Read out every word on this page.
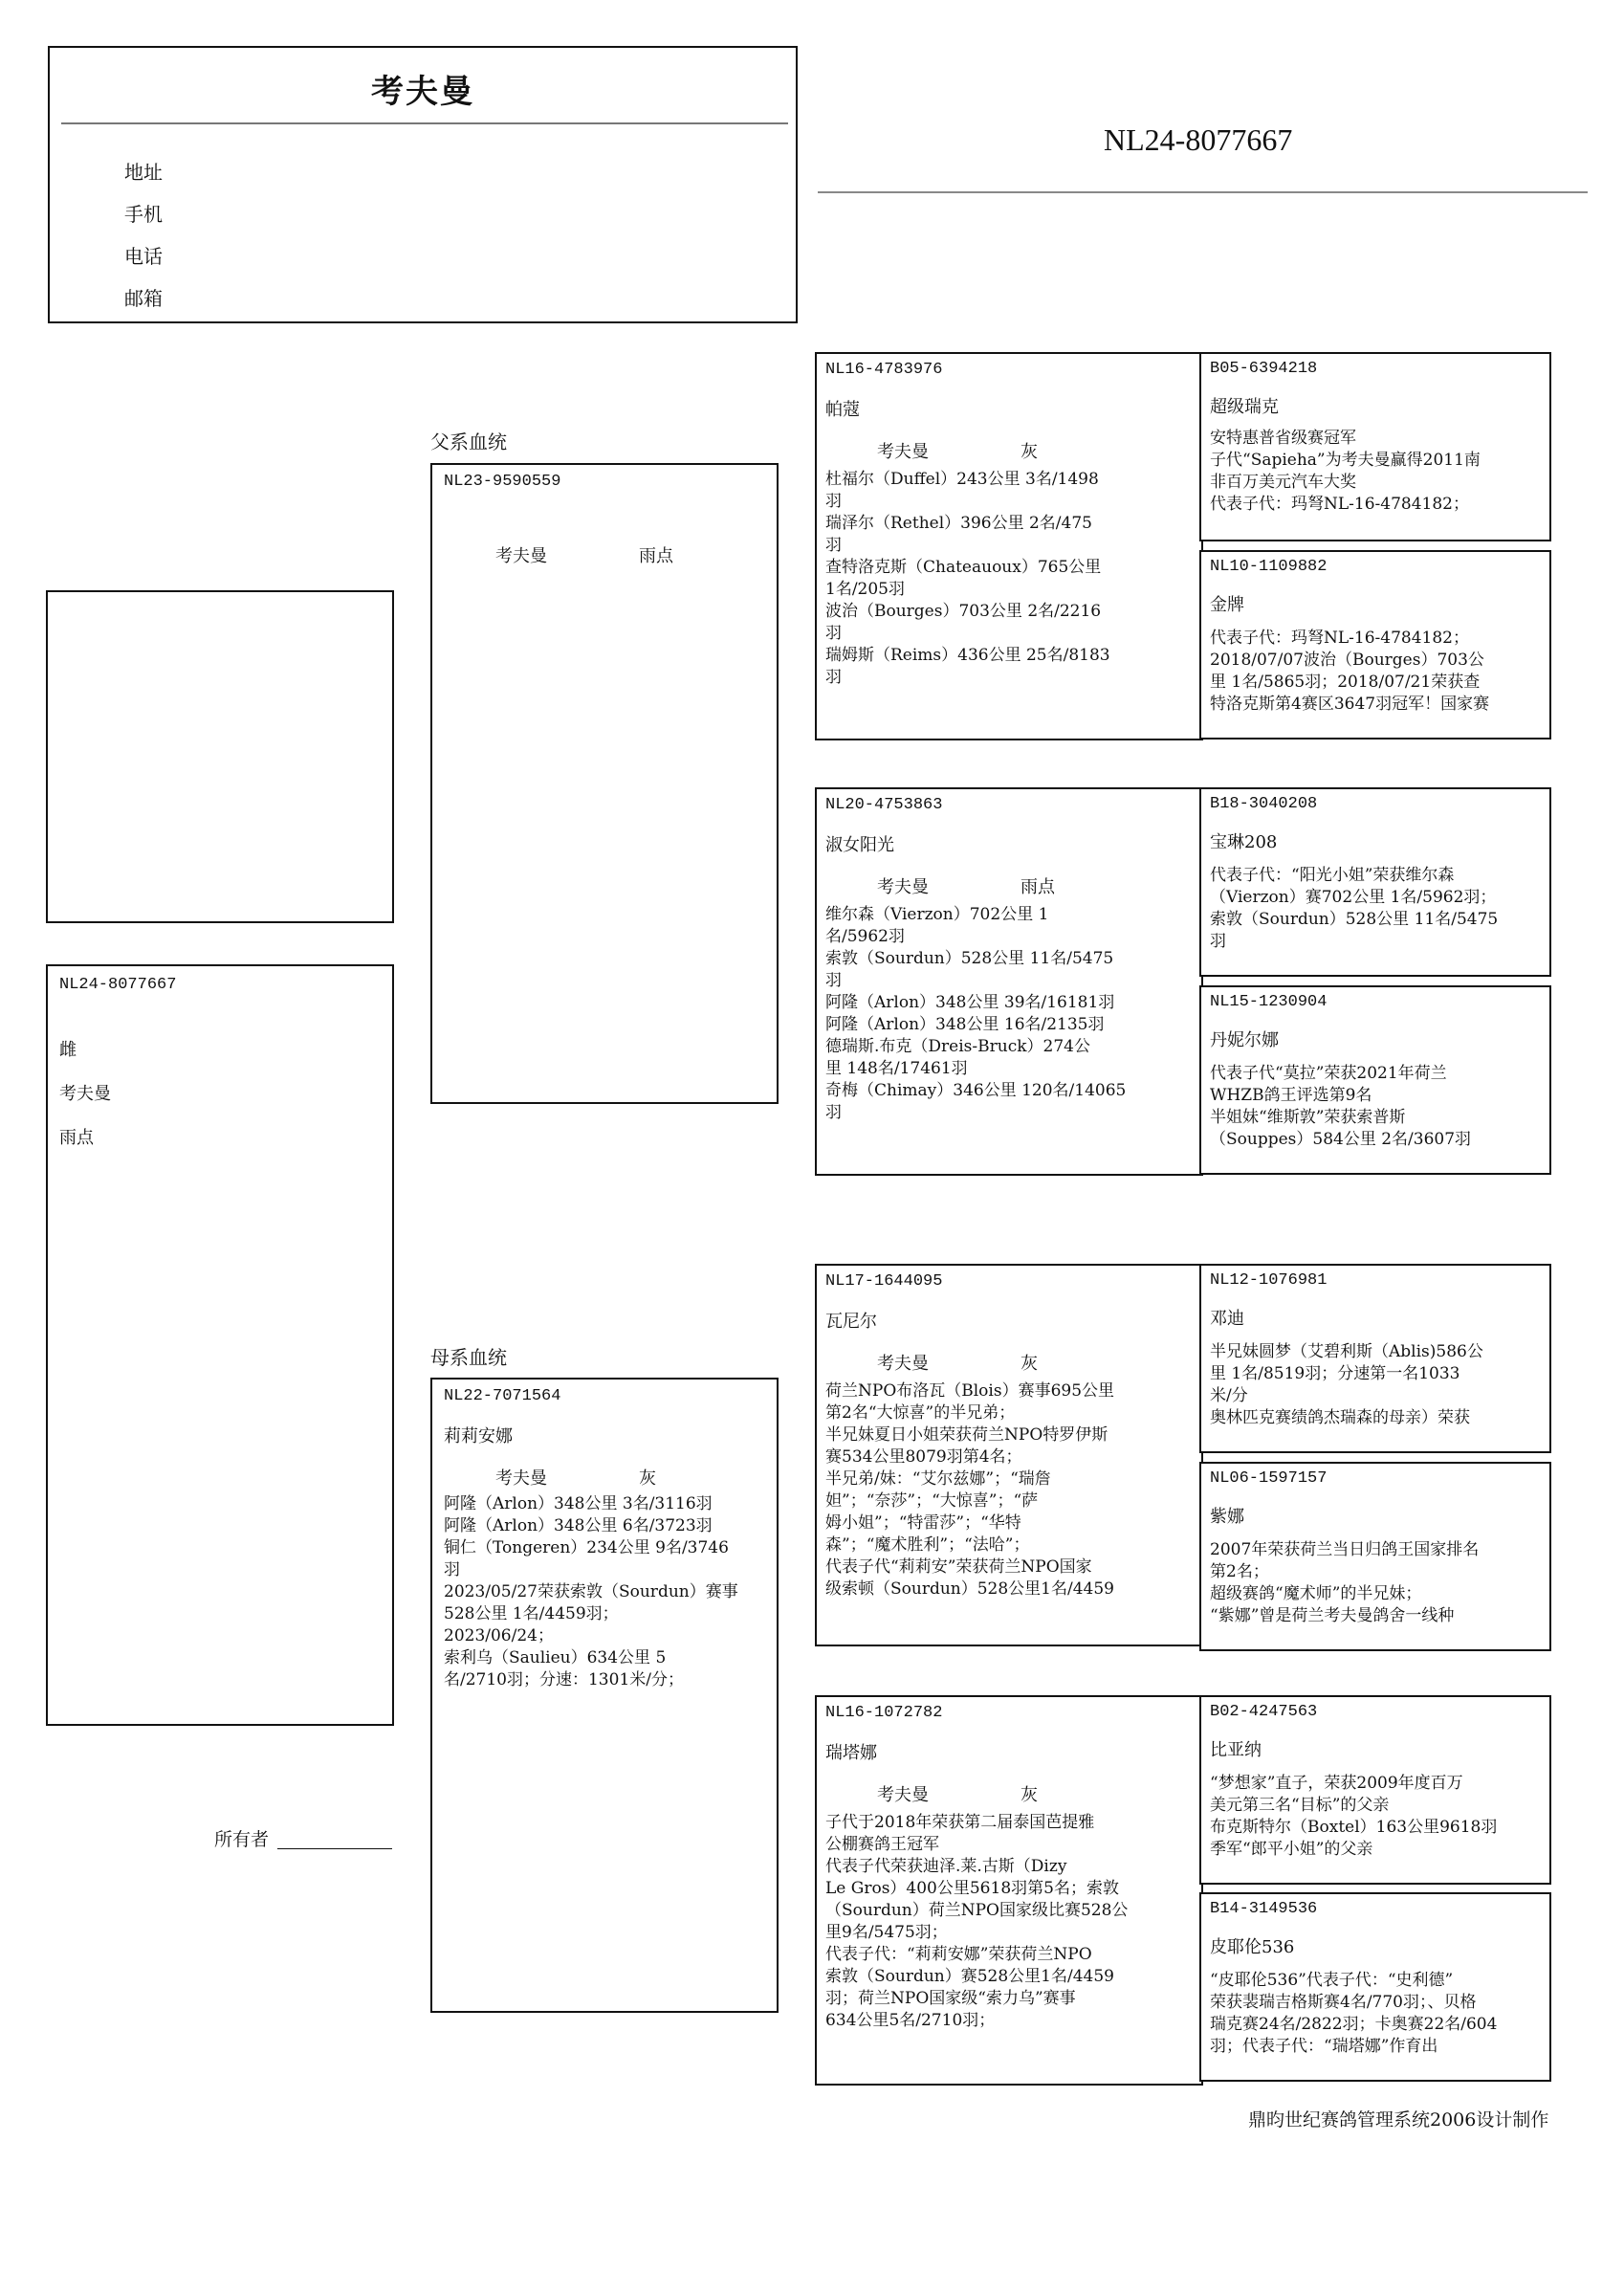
考夫曼
地址
手机
电话
邮箱
NL24-8077667
NL24-8077667
雌
考夫曼
雨点
父系血统
母系血统
NL23-9590559
考夫曼	雨点
NL22-7071564
莉莉安娜
考夫曼	灰
阿隆（Arlon）348公里 3名/3116羽
阿隆（Arlon）348公里 6名/3723羽
铜仁（Tongeren）234公里 9名/3746
羽
2023/05/27荣获索敦（Sourdun）赛事
528公里 1名/4459羽；
2023/06/24；
索利乌（Saulieu）634公里 5
名/2710羽；分速：1301米/分；
NL16-4783976
帕蔻
考夫曼	灰
杜福尔（Duffel）243公里 3名/1498
羽
瑞泽尔（Rethel）396公里 2名/475
羽
查特洛克斯（Chateauoux）765公里
1名/205羽
波治（Bourges）703公里 2名/2216
羽
瑞姆斯（Reims）436公里 25名/8183
羽
NL20-4753863
淑女阳光
考夫曼	雨点
维尔森（Vierzon）702公里 1
名/5962羽
索敦（Sourdun）528公里 11名/5475
羽
阿隆（Arlon）348公里 39名/16181羽
阿隆（Arlon）348公里 16名/2135羽
德瑞斯.布克（Dreis-Bruck）274公
里 148名/17461羽
奇梅（Chimay）346公里 120名/14065
羽
NL17-1644095
瓦尼尔
考夫曼	灰
荷兰NPO布洛瓦（Blois）赛事695公里
第2名“大惊喜”的半兄弟；
半兄妹夏日小姐荣获荷兰NPO特罗伊斯
赛534公里8079羽第4名；
半兄弟/妹：“艾尔兹娜”；“瑞詹
妲”；“奈莎”；“大惊喜”；“萨
姆小姐”；“特雷莎”；“华特
森”；“魔术胜利”；“法哈”；
代表子代“莉莉安”荣获荷兰NPO国家
级索顿（Sourdun）528公里1名/4459
NL16-1072782
瑞塔娜
考夫曼	灰
子代于2018年荣获第二届泰国芭提雅
公棚赛鸽王冠军
代表子代荣获迪泽.莱.古斯（Dizy
Le Gros）400公里5618羽第5名；索敦
（Sourdun）荷兰NPO国家级比赛528公
里9名/5475羽；
代表子代：“莉莉安娜”荣获荷兰NPO
索敦（Sourdun）赛528公里1名/4459
羽；荷兰NPO国家级“索力乌”赛事
634公里5名/2710羽；
B05-6394218
超级瑞克
安特惠普省级赛冠军
子代“Sapieha”为考夫曼赢得2011南
非百万美元汽车大奖
代表子代：玛弩NL-16-4784182；
NL10-1109882
金牌
代表子代：玛弩NL-16-4784182；
2018/07/07波治（Bourges）703公
里 1名/5865羽；2018/07/21荣获查
特洛克斯第4赛区3647羽冠军！国家赛
B18-3040208
宝琳208
代表子代：“阳光小姐”荣获维尔森
（Vierzon）赛702公里 1名/5962羽；
索敦（Sourdun）528公里 11名/5475
羽
NL15-1230904
丹妮尔娜
代表子代“莫拉”荣获2021年荷兰
WHZB鸽王评选第9名
半姐妹“维斯敦”荣获索普斯
（Souppes）584公里 2名/3607羽
NL12-1076981
邓迪
半兄妹圆梦（艾碧利斯（Ablis)586公
里 1名/8519羽；分速第一名1033
米/分
奥林匹克赛绩鸽杰瑞森的母亲）荣获
NL06-1597157
紫娜
2007年荣获荷兰当日归鸽王国家排名
第2名；
超级赛鸽“魔术师”的半兄妹；
“紫娜”曾是荷兰考夫曼鸽舍一线种
B02-4247563
比亚纳
“梦想家”直子，荣获2009年度百万
美元第三名“目标”的父亲
布克斯特尔（Boxtel）163公里9618羽
季军“郎平小姐”的父亲
B14-3149536
皮耶伦536
“皮耶伦536”代表子代：“史利德”
荣获裴瑞吉格斯赛4名/770羽；、贝格
瑞克赛24名/2822羽；卡奥赛22名/604
羽；代表子代：“瑞塔娜”作育出
所有者
鼎昀世纪赛鸽管理系统2006设计制作
